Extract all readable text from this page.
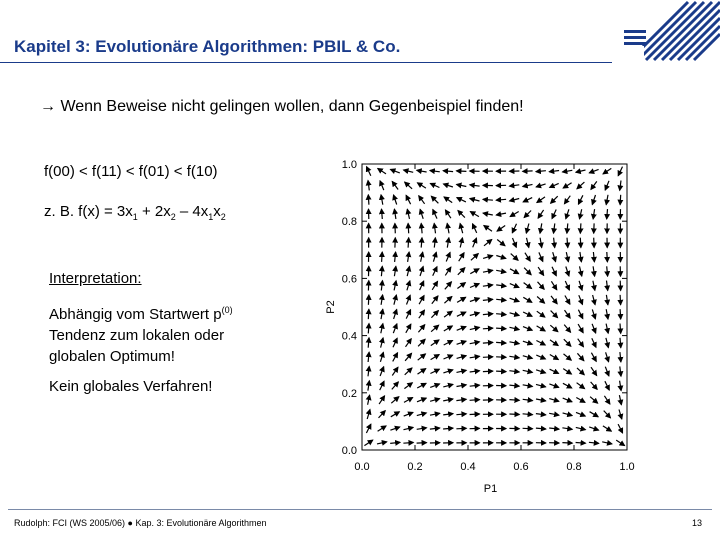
Kapitel 3: Evolutionäre Algorithmen: PBIL & Co.
→ Wenn Beweise nicht gelingen wollen, dann Gegenbeispiel finden!
f(00) < f(11) < f(01) < f(10)
z. B. $f(x) = 3x_1 + 2x_2 - 4x_1x_2$
Interpretation:
Abhängig vom Startwert $p^{(0)}$
Tendenz zum lokalen oder
globalen Optimum!
Kein globales Verfahren!
0.0	0.2	0.4	0.6	0.8	1.0
0.0
0.2
0.4
0.6
0.8
1.0
P1
P2
Rudolph: FCI (WS 2005/06) ● Kap. 3: Evolutionäre Algorithmen	13
